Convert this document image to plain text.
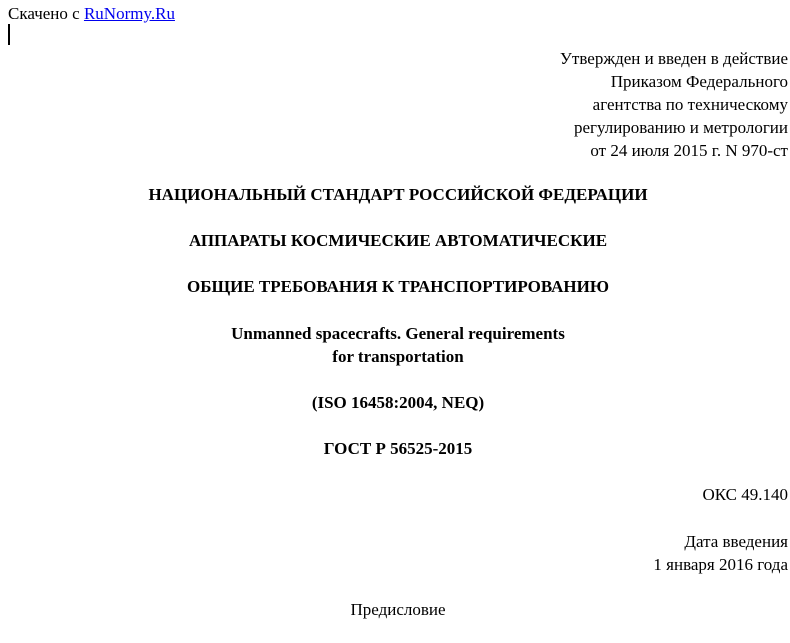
Скачено с RuNormy.Ru
Утвержден и введен в действие
Приказом Федерального
агентства по техническому
регулированию и метрологии
от 24 июля 2015 г. N 970-ст
НАЦИОНАЛЬНЫЙ СТАНДАРТ РОССИЙСКОЙ ФЕДЕРАЦИИ
АППАРАТЫ КОСМИЧЕСКИЕ АВТОМАТИЧЕСКИЕ
ОБЩИЕ ТРЕБОВАНИЯ К ТРАНСПОРТИРОВАНИЮ
Unmanned spacecrafts. General requirements
for transportation
(ISO 16458:2004, NEQ)
ГОСТ Р 56525-2015
ОКС 49.140
Дата введения
1 января 2016 года
Предисловие
